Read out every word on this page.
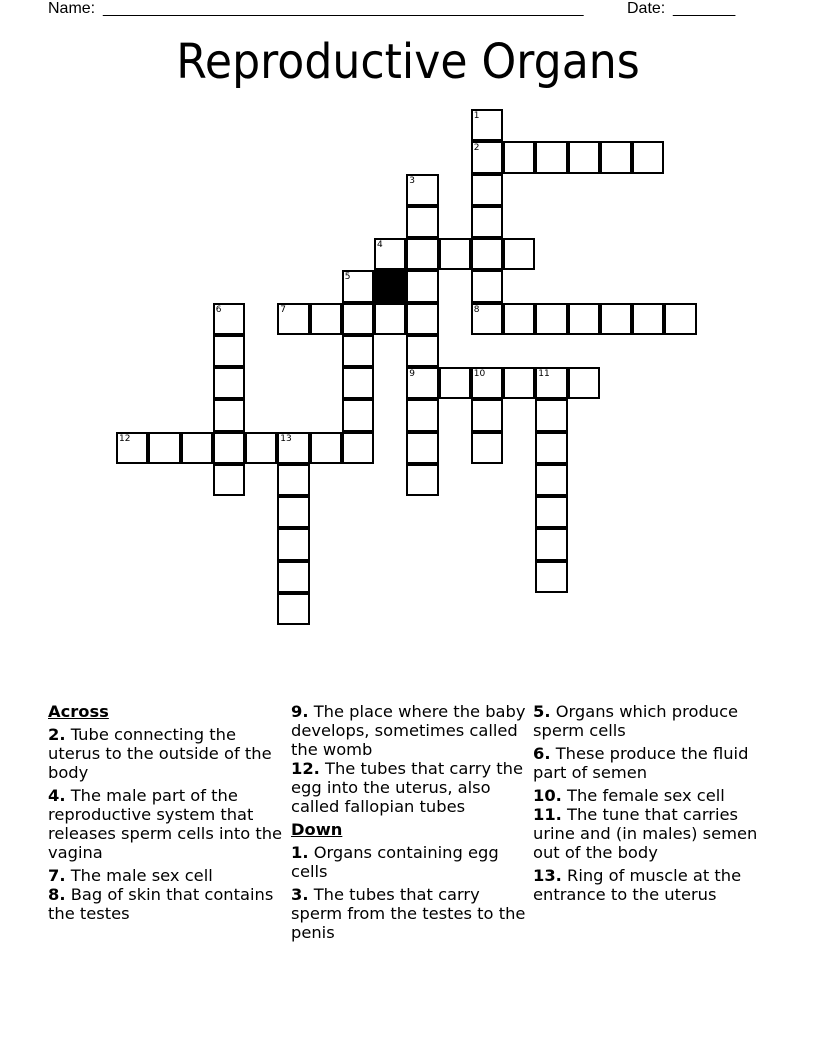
Name: ______________________________________________________	Date: _______
Reproductive Organs
1
2
8
3
9
4
5
6	7
10	11
12	13
Across
2. Tube connecting the uterus to the outside of the body
4. The male part of the reproductive system that releases sperm cells into the vagina
7. The male sex cell
8. Bag of skin that contains the testes
9. The place where the baby develops, sometimes called the womb
12. The tubes that carry the egg into the uterus, also called fallopian tubes
Down
1. Organs containing egg cells
3. The tubes that carry sperm from the testes to the penis
5. Organs which produce sperm cells
6. These produce the fluid part of semen
10. The female sex cell
11. The tune that carries urine and (in males) semen out of the body
13. Ring of muscle at the entrance to the uterus
